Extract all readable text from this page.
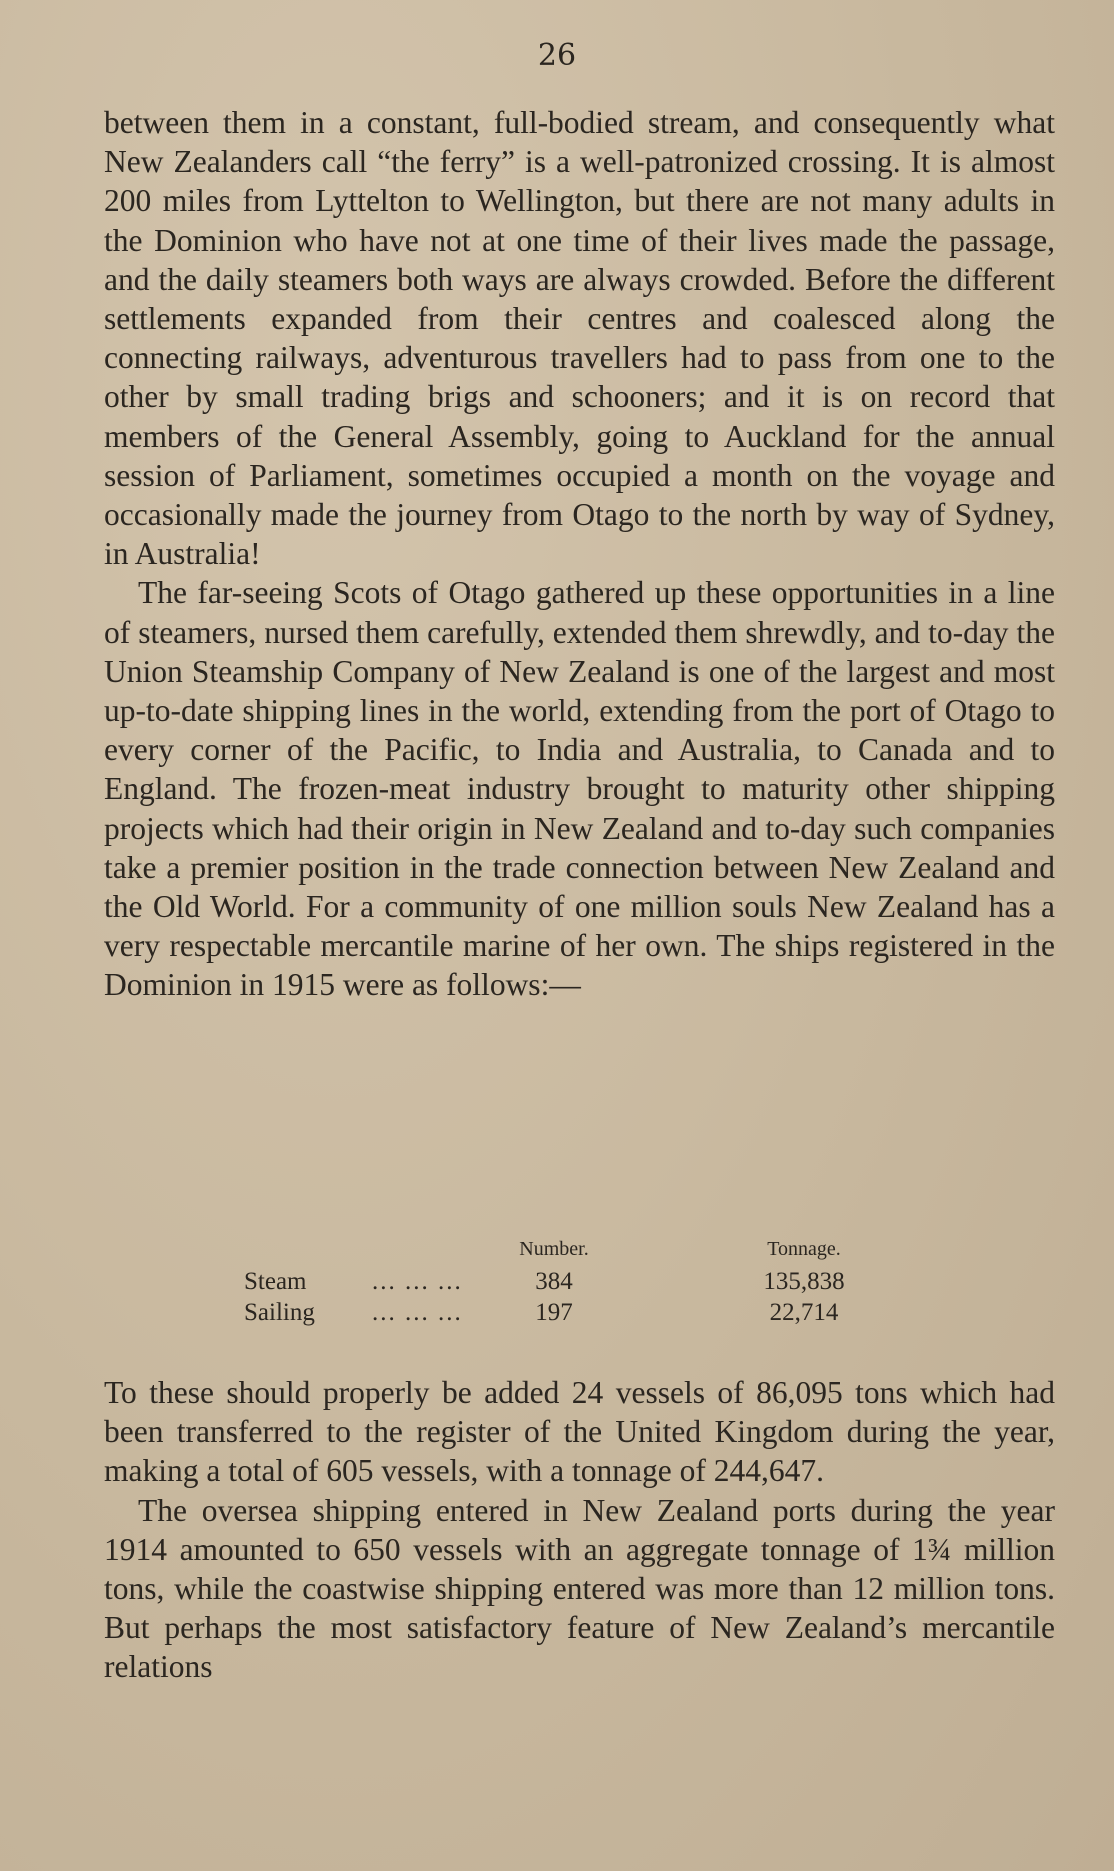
26

between them in a constant, full-bodied stream, and consequently what New Zealanders call “the ferry” is a well-patronized crossing. It is almost 200 miles from Lyttelton to Wellington, but there are not many adults in the Dominion who have not at one time of their lives made the passage, and the daily steamers both ways are always crowded. Before the different settlements expanded from their centres and coalesced along the connecting railways, adventurous travellers had to pass from one to the other by small trading brigs and schooners; and it is on record that members of the General Assembly, going to Auckland for the annual session of Parliament, sometimes occupied a month on the voyage and occasionally made the journey from Otago to the north by way of Sydney, in Australia!

The far-seeing Scots of Otago gathered up these opportunities in a line of steamers, nursed them carefully, extended them shrewdly, and to-day the Union Steamship Company of New Zealand is one of the largest and most up-to-date shipping lines in the world, extending from the port of Otago to every corner of the Pacific, to India and Australia, to Canada and to England. The frozen-meat industry brought to maturity other shipping projects which had their origin in New Zealand and to-day such companies take a premier position in the trade connection between New Zealand and the Old World. For a community of one million souls New Zealand has a very respectable mercantile marine of her own. The ships registered in the Dominion in 1915 were as follows:—

Number.	Tonnage.
Steam	... ... ...	384	135,838
Sailing ... ... ...	197	22,714

To these should properly be added 24 vessels of 86,095 tons which had been transferred to the register of the United Kingdom during the year, making a total of 605 vessels, with a tonnage of 244,647.

The oversea shipping entered in New Zealand ports during the year 1914 amounted to 650 vessels with an aggregate tonnage of 1¾ million tons, while the coastwise shipping entered was more than 12 million tons. But perhaps the most satisfactory feature of New Zealand’s mercantile relations
